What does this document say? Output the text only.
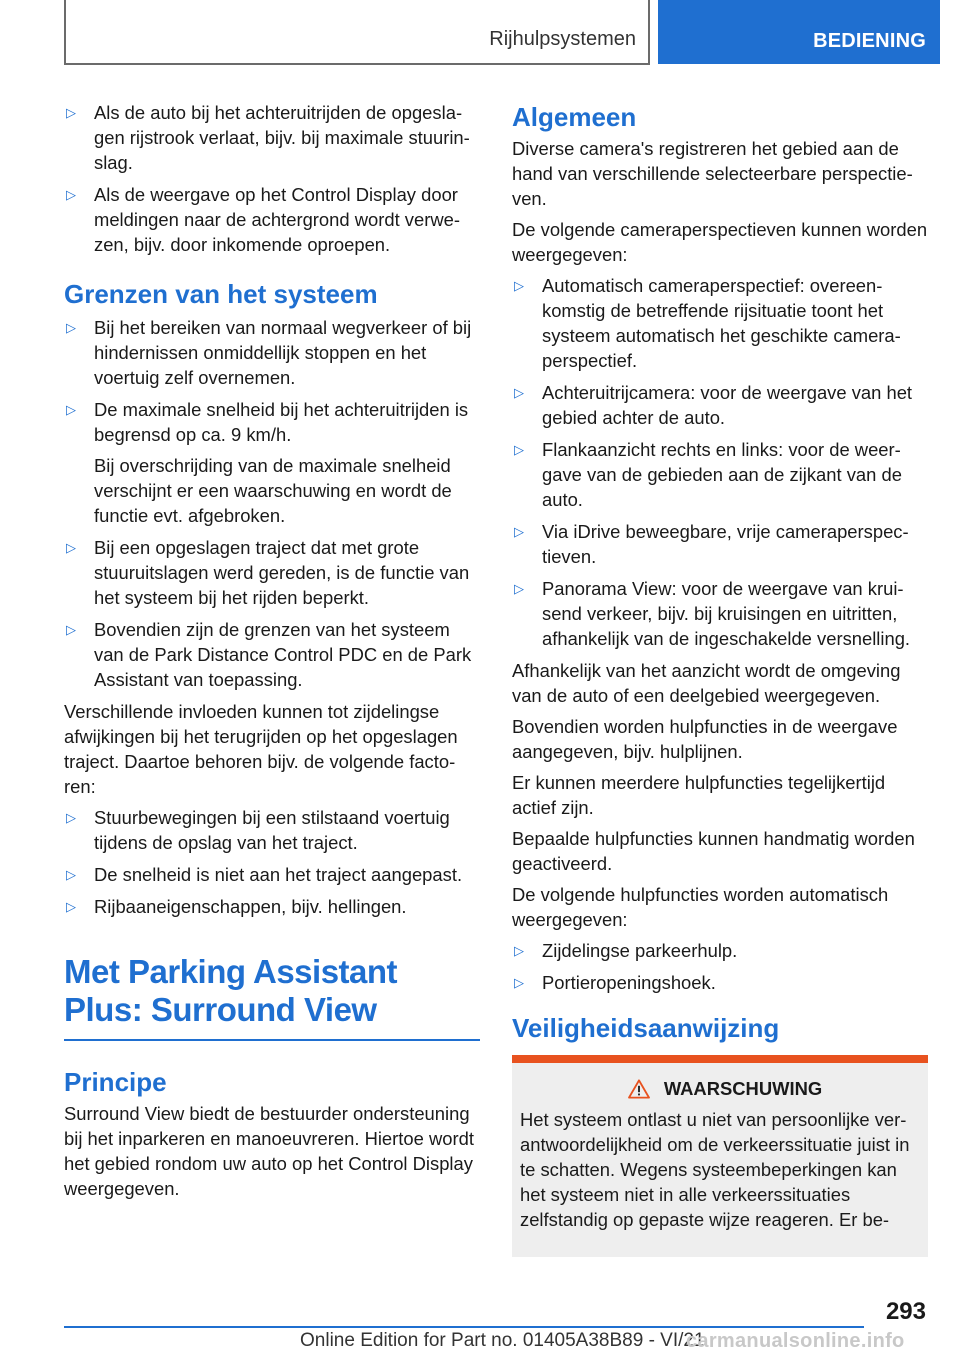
Rijhulpsystemen	BEDIENING
▷ Als de auto bij het achteruitrijden de opgeslagen rijstrook verlaat, bijv. bij maximale stuurinslag.
▷ Als de weergave op het Control Display door meldingen naar de achtergrond wordt verwezen, bijv. door inkomende oproepen.
Grenzen van het systeem
▷ Bij het bereiken van normaal wegverkeer of bij hindernissen onmiddellijk stoppen en het voertuig zelf overnemen.
▷ De maximale snelheid bij het achteruitrijden is begrensd op ca. 9 km/h.
Bij overschrijding van de maximale snelheid verschijnt er een waarschuwing en wordt de functie evt. afgebroken.
▷ Bij een opgeslagen traject dat met grote stuuruitslagen werd gereden, is de functie van het systeem bij het rijden beperkt.
▷ Bovendien zijn de grenzen van het systeem van de Park Distance Control PDC en de Park Assistant van toepassing.

Verschillende invloeden kunnen tot zijdelingse afwijkingen bij het terugrijden op het opgeslagen traject. Daartoe behoren bijv. de volgende factoren:

▷ Stuurbewegingen bij een stilstaand voertuig tijdens de opslag van het traject.
▷ De snelheid is niet aan het traject aangepast.
▷ Rijbaaneigenschappen, bijv. hellingen.
Met Parking Assistant Plus: Surround View
Principe

Surround View biedt de bestuurder ondersteuning bij het inparkeren en manoeuvreren. Hiertoe wordt het gebied rondom uw auto op het Control Display weergegeven.

Algemeen

Diverse camera's registreren het gebied aan de hand van verschillende selecteerbare perspectieven.

De volgende cameraperspectieven kunnen worden weergegeven:

▷ Automatisch cameraperspectief: overeenkomstig de betreffende rijsituatie toont het systeem automatisch het geschikte cameraperspectief.
▷ Achteruitrijcamera: voor de weergave van het gebied achter de auto.
▷ Flankaanzicht rechts en links: voor de weergave van de gebieden aan de zijkant van de auto.
▷ Via iDrive beweegbare, vrije cameraperspectieven.
▷ Panorama View: voor de weergave van kruisend verkeer, bijv. bij kruisingen en uitritten, afhankelijk van de ingeschakelde versnelling.

Afhankelijk van het aanzicht wordt de omgeving van de auto of een deelgebied weergegeven.

Bovendien worden hulpfuncties in de weergave aangegeven, bijv. hulplijnen.

Er kunnen meerdere hulpfuncties tegelijkertijd actief zijn.

Bepaalde hulpfuncties kunnen handmatig worden geactiveerd.

De volgende hulpfuncties worden automatisch weergegeven:

▷ Zijdelingse parkeerhulp.
▷ Portieropeningshoek.
Veiligheidsaanwijzing
WAARSCHUWING
Het systeem ontlast u niet van persoonlijke verantwoordelijkheid om de verkeerssituatie juist in te schatten. Wegens systeembeperkingen kan het systeem niet in alle verkeerssituaties zelfstandig op gepaste wijze reageren. Er be-
293
Online Edition for Part no. 01405A38B89 - VI/21
carmanualsonline.info
